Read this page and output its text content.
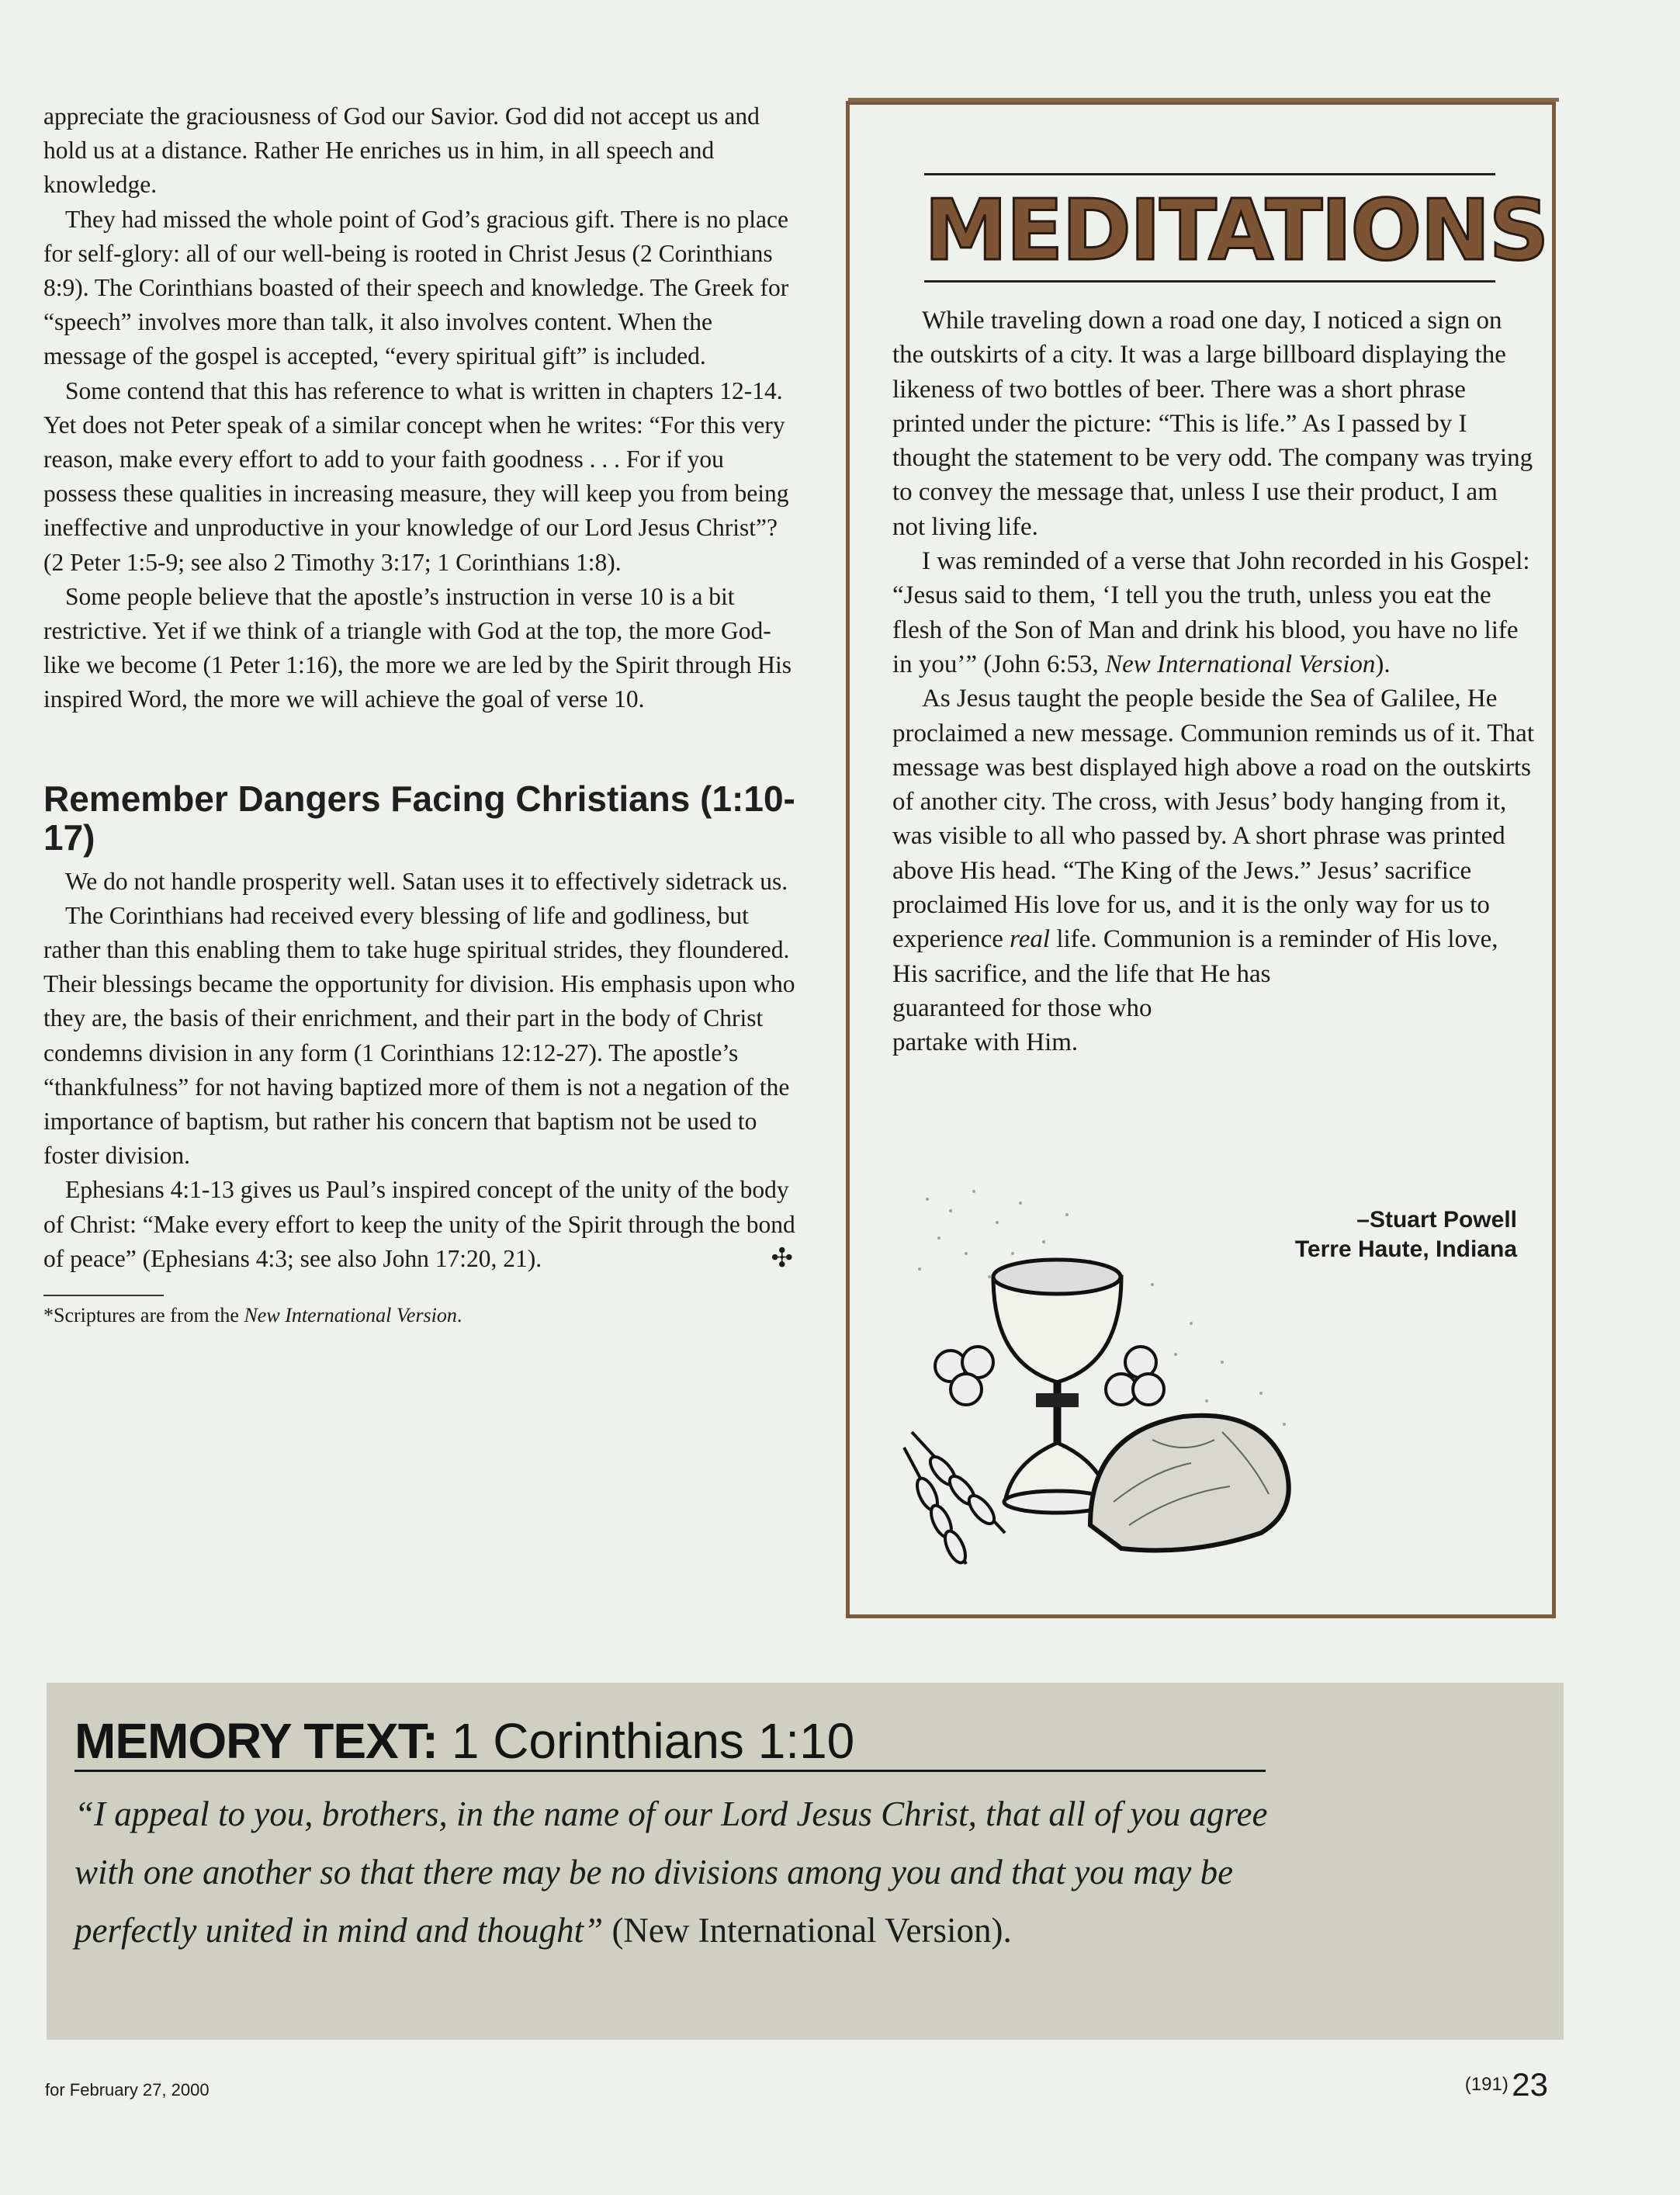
appreciate the graciousness of God our Savior. God did not accept us and hold us at a distance. Rather He enriches us in him, in all speech and knowledge.

They had missed the whole point of God’s gracious gift. There is no place for self-glory: all of our well-being is rooted in Christ Jesus (2 Corinthians 8:9). The Corinthians boasted of their speech and knowledge. The Greek for “speech” involves more than talk, it also involves content. When the message of the gospel is accepted, “every spiritual gift” is included.

Some contend that this has reference to what is written in chapters 12-14. Yet does not Peter speak of a similar concept when he writes: “For this very reason, make every effort to add to your faith goodness . . . For if you possess these qualities in increasing measure, they will keep you from being ineffective and unproductive in your knowledge of our Lord Jesus Christ”? (2 Peter 1:5-9; see also 2 Timothy 3:17; 1 Corinthians 1:8).

Some people believe that the apostle’s instruction in verse 10 is a bit restrictive. Yet if we think of a triangle with God at the top, the more God-like we become (1 Peter 1:16), the more we are led by the Spirit through His inspired Word, the more we will achieve the goal of verse 10.

Remember Dangers Facing Christians (1:10-17)

We do not handle prosperity well. Satan uses it to effectively sidetrack us.

The Corinthians had received every blessing of life and godliness, but rather than this enabling them to take huge spiritual strides, they floundered. Their blessings became the opportunity for division. His emphasis upon who they are, the basis of their enrichment, and their part in the body of Christ condemns division in any form (1 Corinthians 12:12-27). The apostle’s “thankfulness” for not having baptized more of them is not a negation of the importance of baptism, but rather his concern that baptism not be used to foster division.

Ephesians 4:1-13 gives us Paul’s inspired concept of the unity of the body of Christ: “Make every effort to keep the unity of the Spirit through the bond of peace” (Ephesians 4:3; see also John 17:20, 21).	✣

*Scriptures are from the New International Version.
MEDITATIONS

While traveling down a road one day, I noticed a sign on the outskirts of a city. It was a large billboard displaying the likeness of two bottles of beer. There was a short phrase printed under the picture: “This is life.” As I passed by I thought the statement to be very odd. The company was trying to convey the message that, unless I use their product, I am not living life.

I was reminded of a verse that John recorded in his Gospel: “Jesus said to them, ‘I tell you the truth, unless you eat the flesh of the Son of Man and drink his blood, you have no life in you’” (John 6:53, New International Version).

As Jesus taught the people beside the Sea of Galilee, He proclaimed a new message. Communion reminds us of it. That message was best displayed high above a road on the outskirts of another city. The cross, with Jesus’ body hanging from it, was visible to all who passed by. A short phrase was printed above His head. “The King of the Jews.” Jesus’ sacrifice proclaimed His love for us, and it is the only way for us to experience real life. Communion is a reminder of His love, His sacrifice, and the life that He has

guaranteed for those who

partake with Him.

–Stuart Powell
Terre Haute, Indiana
MEMORY TEXT: 1 Corinthians 1:10
“I appeal to you, brothers, in the name of our Lord Jesus Christ, that all of you agree with one another so that there may be no divisions among you and that you may be perfectly united in mind and thought” (New International Version).
for February 27, 2000	(191) 23
